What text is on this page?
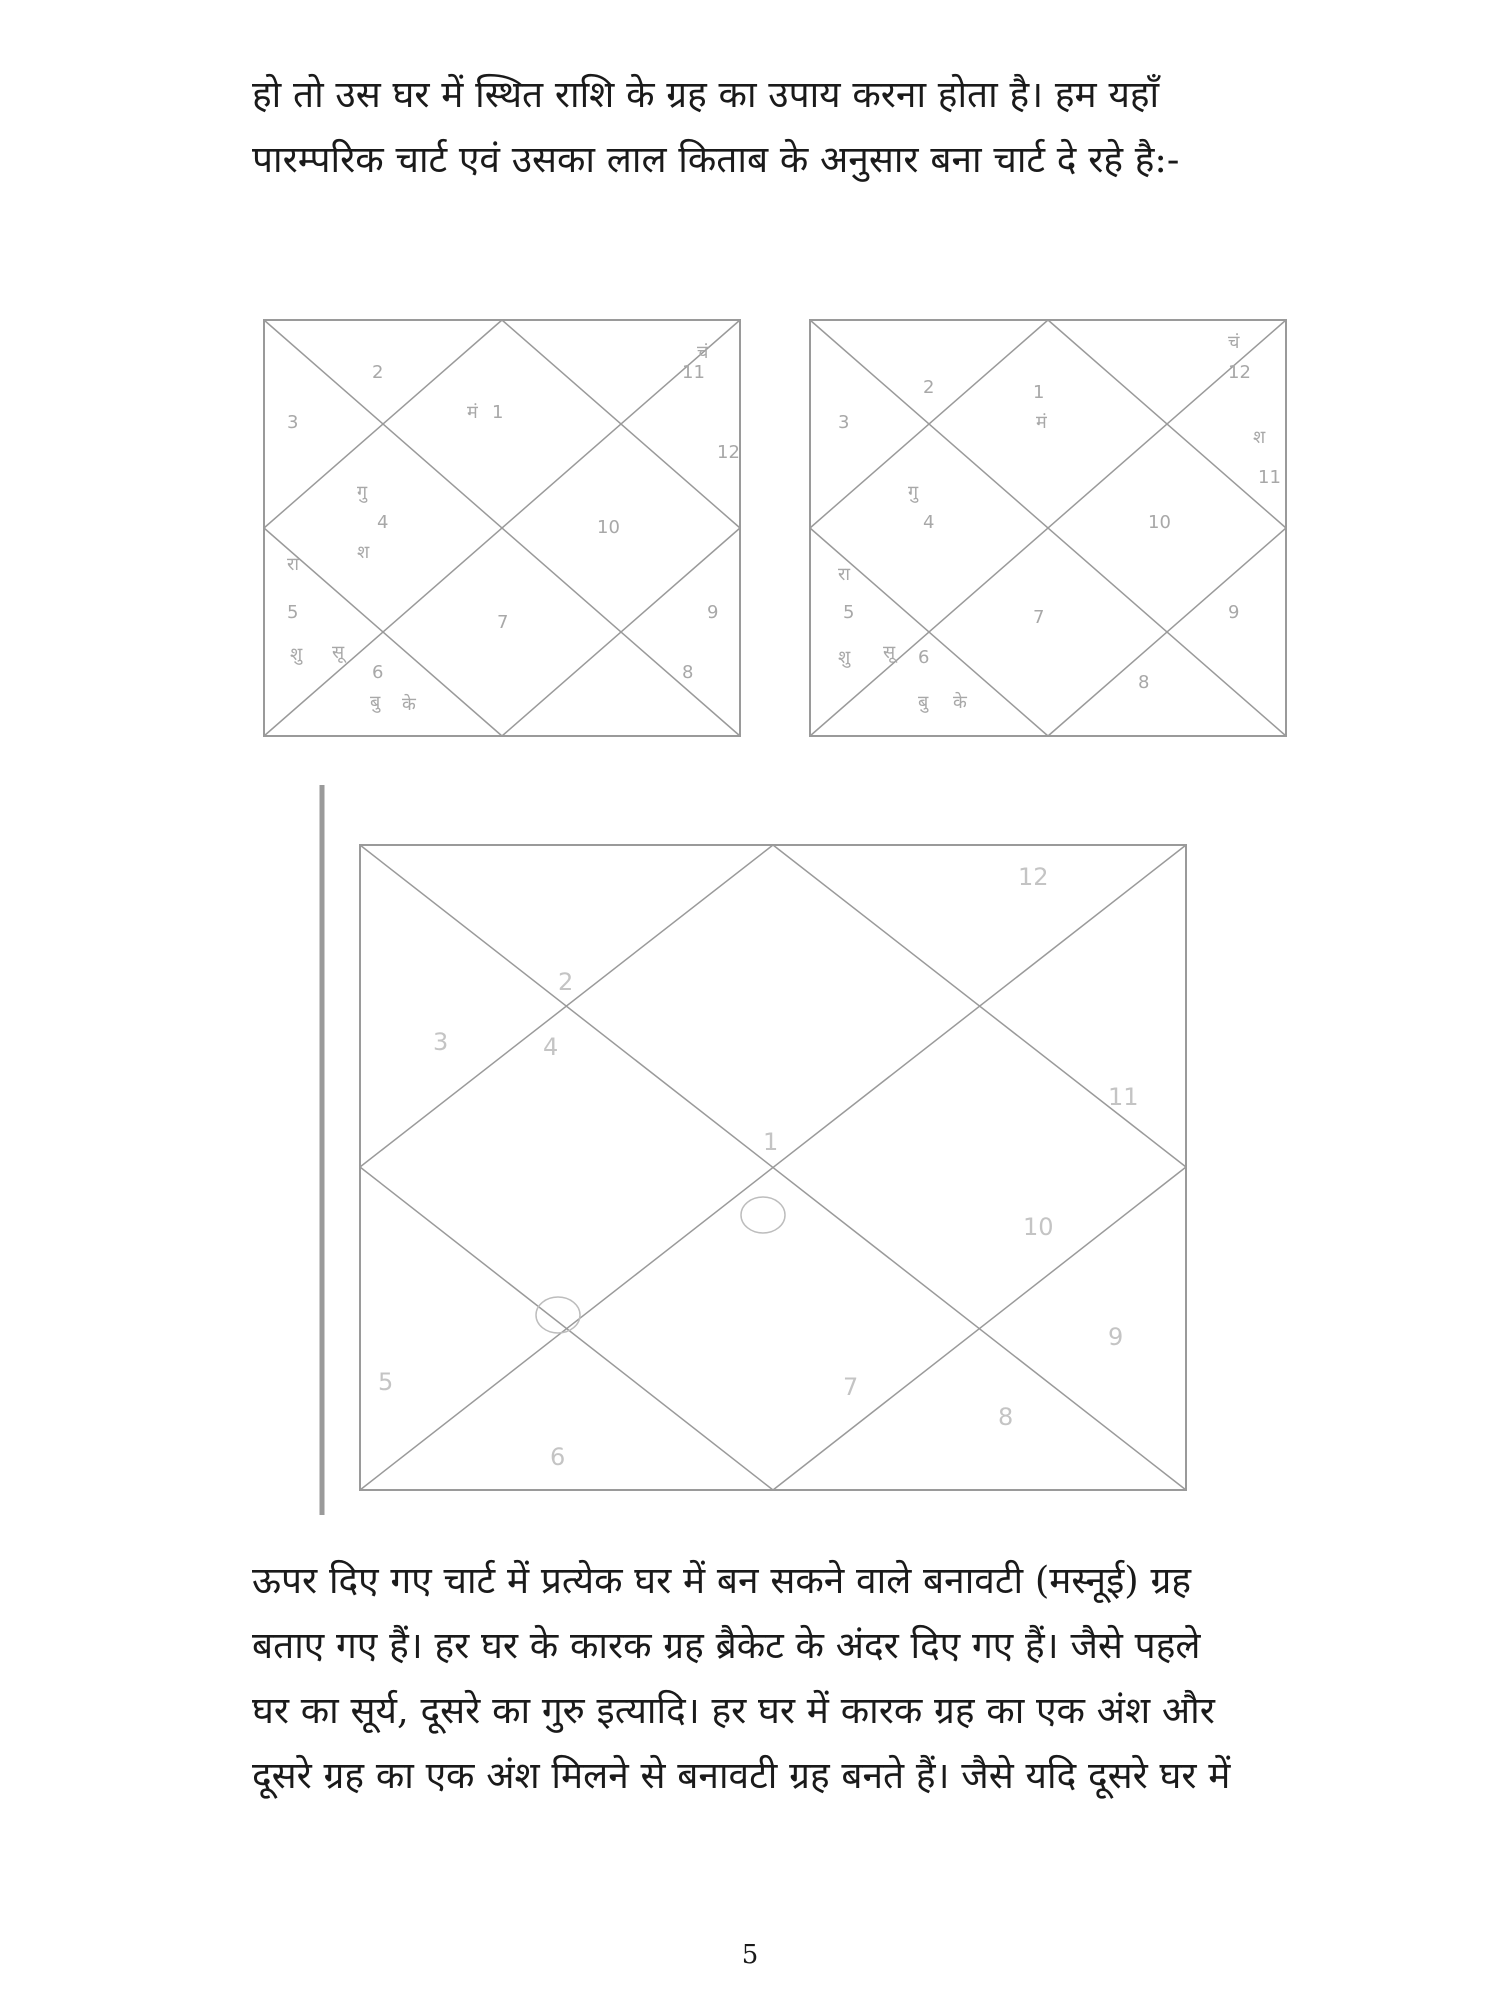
हो तो उस घर में स्थित राशि के ग्रह का उपाय करना होता है। हम यहाँ
पारम्परिक चार्ट एवं उसका लाल किताब के अनुसार बना चार्ट दे रहे है:-
2
1
11
12
4
3
5
6
7
8
9
10
शु
बु
गु
मं
चं
रा
के
सू
श
2	1
12
11
3
4
5
6
7
8
9
10
शु
बु
गु
मं
चं
रा
के
सू
श
1
2
3	4
5
6
7
8
9
10
11
12
ऊपर दिए गए चार्ट में प्रत्येक घर में बन सकने वाले बनावटी (मस्नूई) ग्रह
बताए गए हैं। हर घर के कारक ग्रह ब्रैकेट के अंदर दिए गए हैं। जैसे पहले
घर का सूर्य, दूसरे का गुरु इत्यादि। हर घर में कारक ग्रह का एक अंश और
दूसरे ग्रह का एक अंश मिलने से बनावटी ग्रह बनते हैं। जैसे यदि दूसरे घर में
5
